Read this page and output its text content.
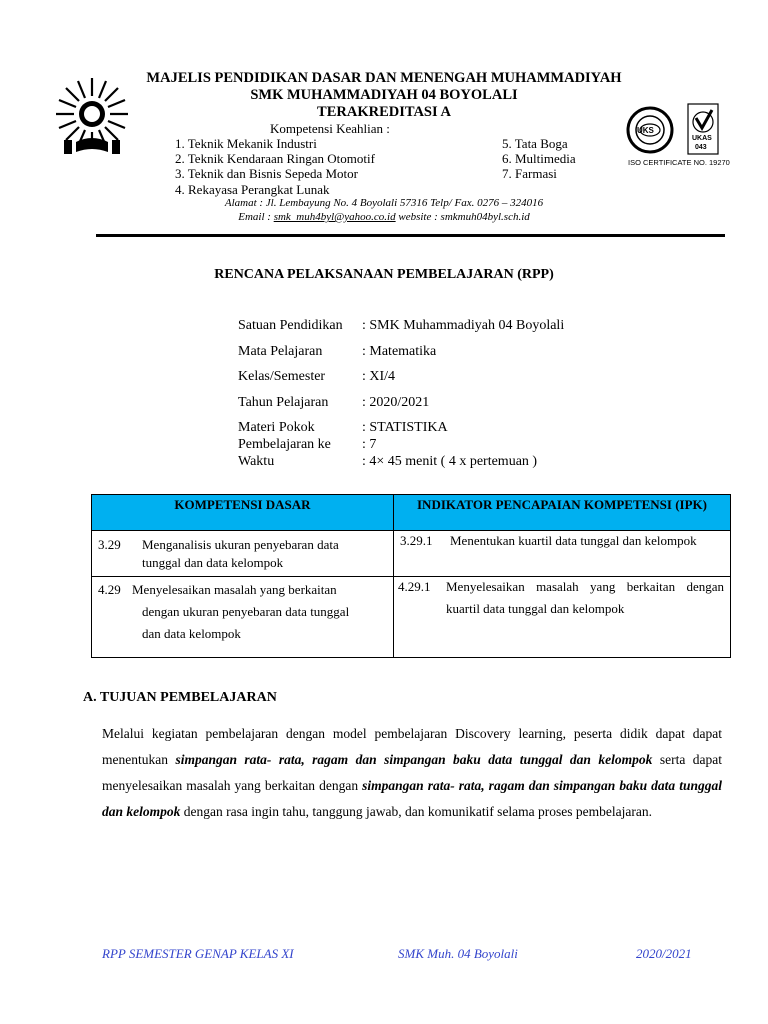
MAJELIS PENDIDIKAN DASAR DAN MENENGAH MUHAMMADIYAH
SMK MUHAMMADIYAH 04 BOYOLALI
TERAKREDITASI A
Kompetensi Keahlian :
1. Teknik Mekanik Industri
2. Teknik Kendaraan Ringan Otomotif
3. Teknik dan Bisnis Sepeda Motor
4. Rekayasa Perangkat Lunak
5. Tata Boga
6. Multimedia
7. Farmasi
UKS
UKAS
043
ISO CERTIFICATE NO. 19270
Alamat : Jl. Lembayung No. 4 Boyolali 57316 Telp/ Fax. 0276 – 324016
Email : smk_muh4byl@yahoo.co.id website : smkmuh04byl.sch.id
RENCANA PELAKSANAAN PEMBELAJARAN (RPP)
Satuan Pendidikan : SMK Muhammadiyah 04 Boyolali
Mata Pelajaran	: Matematika
Kelas/Semester	: XI/4
Tahun Pelajaran : 2020/2021
Materi Pokok	: STATISTIKA
Pembelajaran ke : 7
Waktu	: 4× 45 menit ( 4 x pertemuan )
KOMPETENSI DASAR	INDIKATOR PENCAPAIAN KOMPETENSI (IPK)

3.29 Menganalisis ukuran penyebaran data
tunggal dan data kelompok	3.29.1 Menentukan kuartil data tunggal dan kelompok

4.29 Menyelesaikan masalah yang berkaitan
dengan ukuran penyebaran data tunggal
dan data kelompok	4.29.1 Menyelesaikan masalah yang berkaitan dengan
kuartil data tunggal dan kelompok
A. TUJUAN PEMBELAJARAN
Melalui kegiatan pembelajaran dengan model pembelajaran Discovery learning, peserta didik dapat dapat menentukan simpangan rata- rata, ragam dan simpangan baku data tunggal dan kelompok serta dapat menyelesaikan masalah yang berkaitan dengan simpangan rata- rata, ragam dan simpangan baku data tunggal dan kelompok dengan rasa ingin tahu, tanggung jawab, dan komunikatif selama proses pembelajaran.
RPP SEMESTER GENAP KELAS XI	SMK Muh. 04 Boyolali	2020/2021
